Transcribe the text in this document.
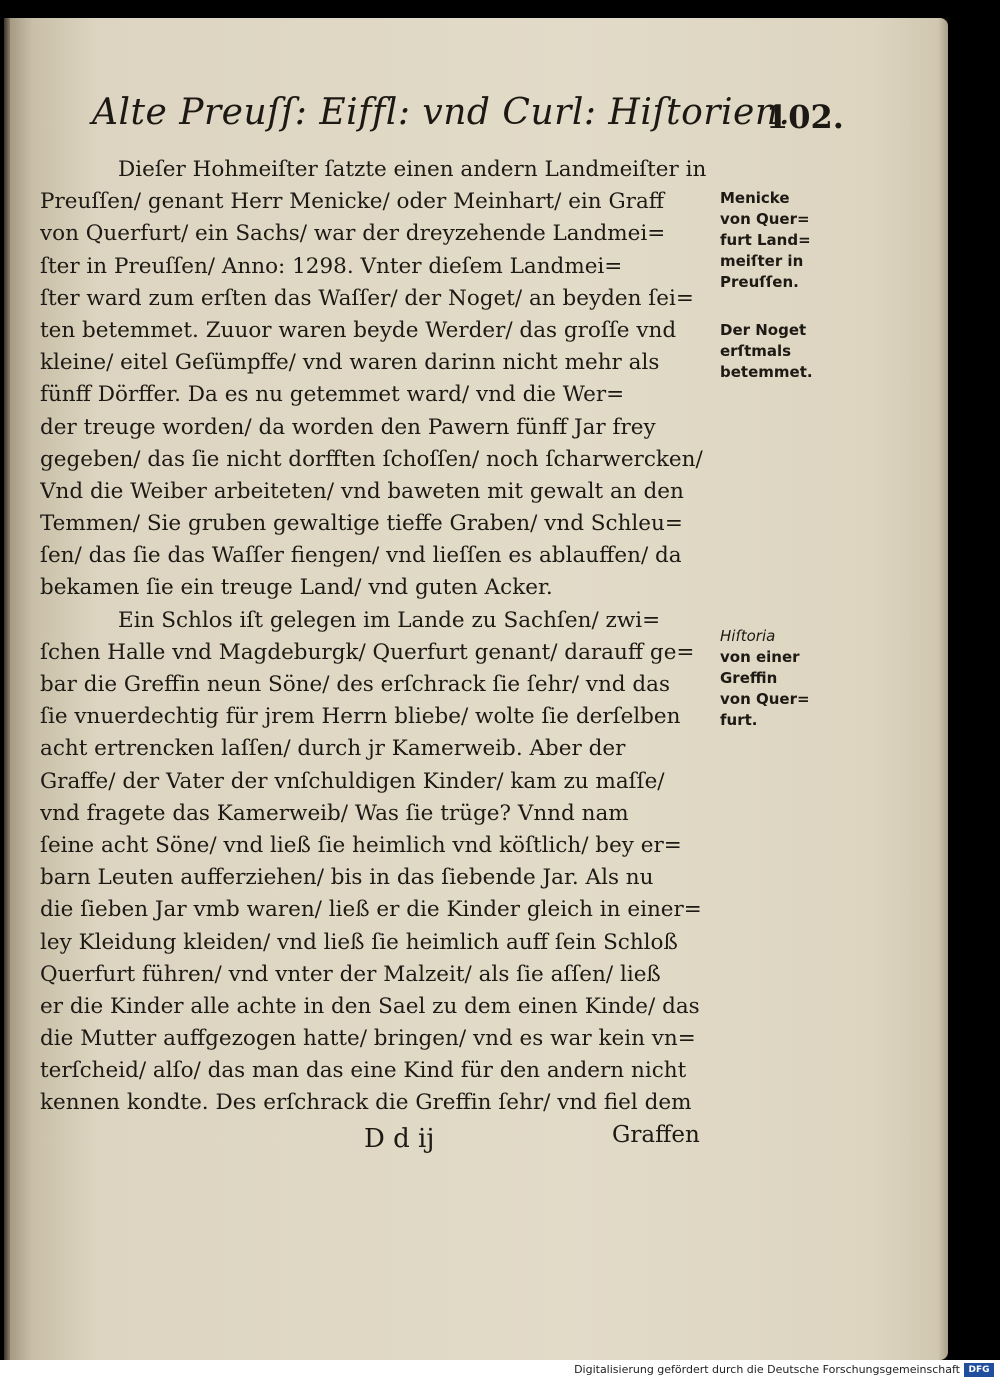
Alte Preuſſ: Eiffl: vnd Curl: Hiſtorien.
102.
Dieſer Hohmeiſter ſatzte einen andern Landmeiſter in
Preuſſen/ genant Herr Menicke/ oder Meinhart/ ein Graff
von Querfurt/ ein Sachs/ war der dreyzehende Landmei=
ſter in Preuſſen/ Anno: 1298. Vnter dieſem Landmei=
ſter ward zum erſten das Waſſer/ der Noget/ an beyden ſei=
ten betemmet. Zuuor waren beyde Werder/ das groſſe vnd
kleine/ eitel Geſümpffe/ vnd waren darinn nicht mehr als
fünff Dörffer. Da es nu getemmet ward/ vnd die Wer=
der treuge worden/ da worden den Pawern fünff Jar frey
gegeben/ das ſie nicht dorfften ſchoſſen/ noch ſcharwercken/
Vnd die Weiber arbeiteten/ vnd baweten mit gewalt an den
Temmen/ Sie gruben gewaltige tieffe Graben/ vnd Schleu=
ſen/ das ſie das Waſſer fiengen/ vnd lieſſen es ablauffen/ da
bekamen ſie ein treuge Land/ vnd guten Acker.
Ein Schlos iſt gelegen im Lande zu Sachſen/ zwi=
ſchen Halle vnd Magdeburgk/ Querfurt genant/ darauff ge=
bar die Greffin neun Söne/ des erſchrack ſie ſehr/ vnd das
ſie vnuerdechtig für jrem Herrn bliebe/ wolte ſie derſelben
acht ertrencken laſſen/ durch jr Kamerweib. Aber der
Graffe/ der Vater der vnſchuldigen Kinder/ kam zu maſſe/
vnd fragete das Kamerweib/ Was ſie trüge? Vnnd nam
ſeine acht Söne/ vnd ließ ſie heimlich vnd köſtlich/ bey er=
barn Leuten aufferziehen/ bis in das ſiebende Jar. Als nu
die ſieben Jar vmb waren/ ließ er die Kinder gleich in einer=
ley Kleidung kleiden/ vnd ließ ſie heimlich auff ſein Schloß
Querfurt führen/ vnd vnter der Malzeit/ als ſie aſſen/ ließ
er die Kinder alle achte in den Sael zu dem einen Kinde/ das
die Mutter auffgezogen hatte/ bringen/ vnd es war kein vn=
terſcheid/ alſo/ das man das eine Kind für den andern nicht
kennen kondte. Des erſchrack die Greffin ſehr/ vnd fiel dem
Menicke
von Quer=
furt Land=
meiſter in
Preuſſen.
Der Noget
erſtmals
betemmet.
Hiſtoria
von einer
Greffin
von Quer=
furt.
D d ij	Graffen
Digitalisierung gefördert durch die Deutsche Forschungsgemeinschaft DFG
